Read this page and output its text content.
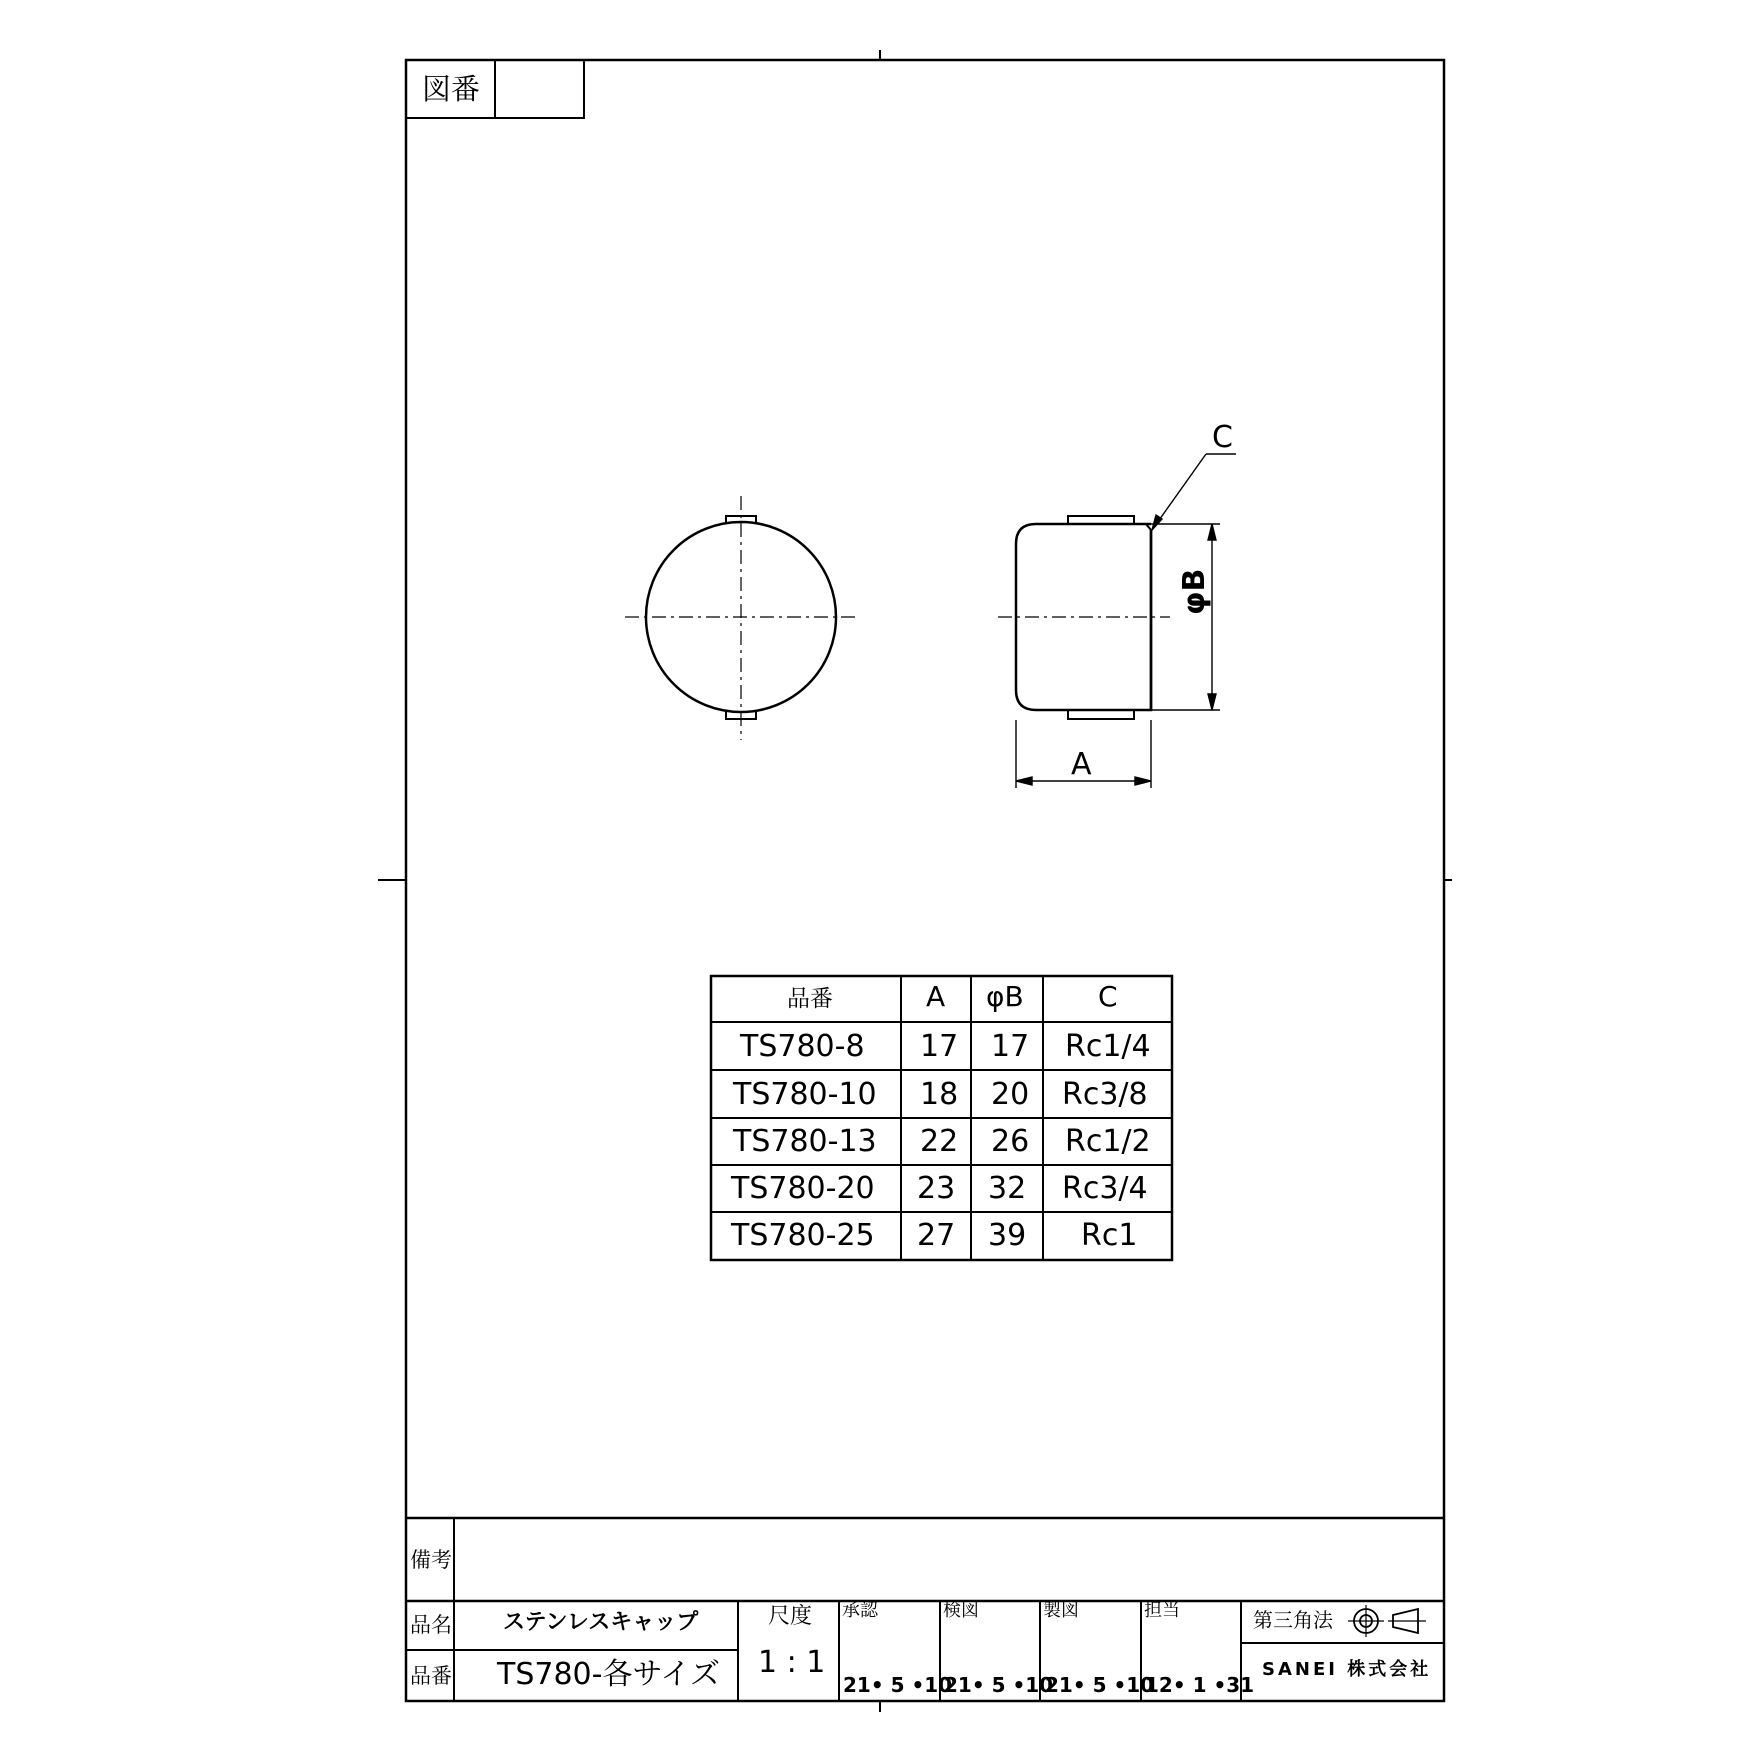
図番
C
φB
A
品番	A φB	C
TS780-8 17 17 Rc1/4
TS780-10 18 20 Rc3/8
TS780-13 22 26 Rc1/2
TS780-20 23 32 Rc3/4
TS780-25 27 39 Rc1
備考
品名 ステンレスキャップ
品番 TS780-各サイズ
尺度
1 : 1
承認
21• 5 •10
検図
21• 5 •10
製図
21• 5 •10
担当
12• 1 •31
第三角法
SANEI 株式会社
